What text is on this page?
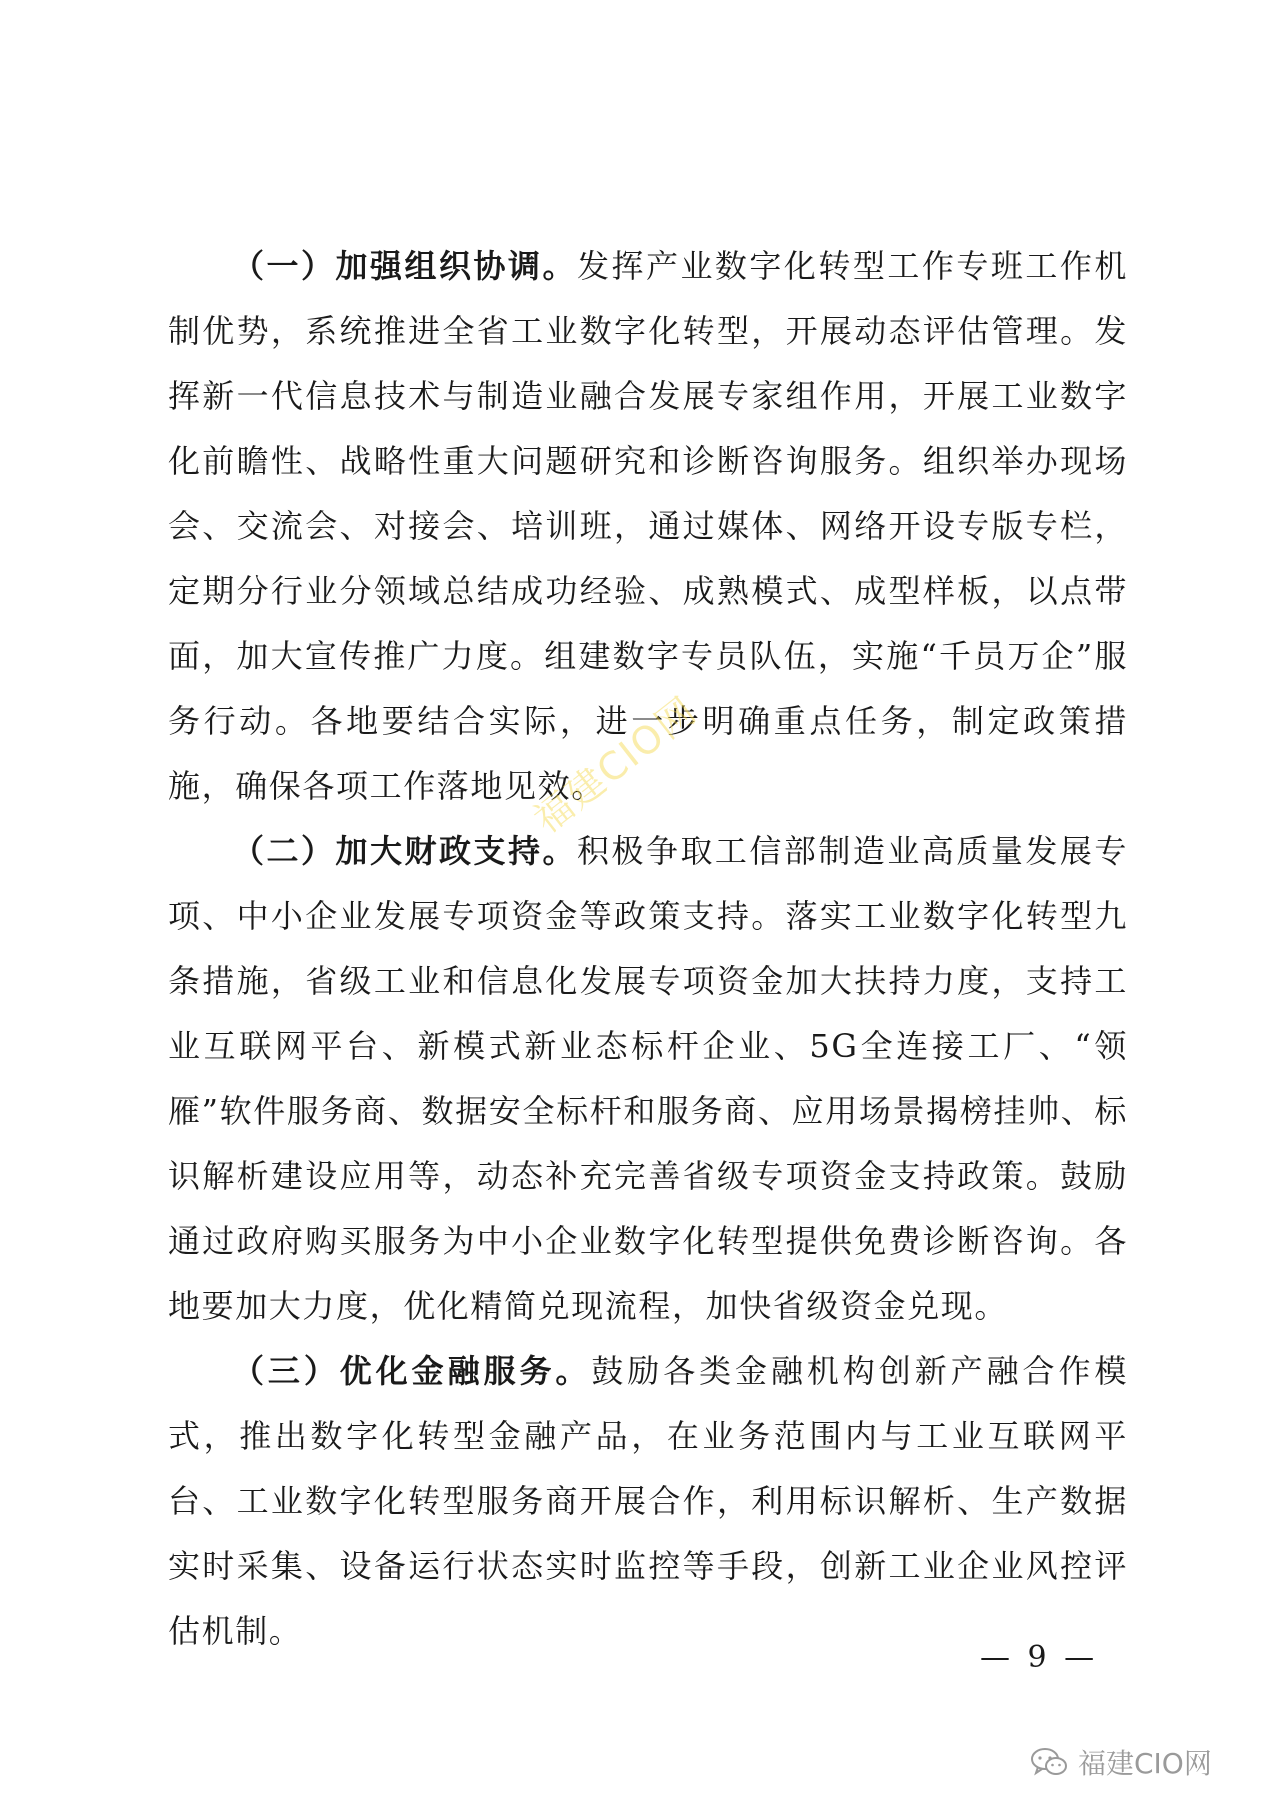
（一）加强组织协调。发挥产业数字化转型工作专班工作机制优势，系统推进全省工业数字化转型，开展动态评估管理。发挥新一代信息技术与制造业融合发展专家组作用，开展工业数字化前瞻性、战略性重大问题研究和诊断咨询服务。组织举办现场会、交流会、对接会、培训班，通过媒体、网络开设专版专栏，定期分行业分领域总结成功经验、成熟模式、成型样板，以点带面，加大宣传推广力度。组建数字专员队伍，实施“千员万企”服务行动。各地要结合实际，进一步明确重点任务，制定政策措施，确保各项工作落地见效。

（二）加大财政支持。积极争取工信部制造业高质量发展专项、中小企业发展专项资金等政策支持。落实工业数字化转型九条措施，省级工业和信息化发展专项资金加大扶持力度，支持工业互联网平台、新模式新业态标杆企业、5G全连接工厂、“领雁”软件服务商、数据安全标杆和服务商、应用场景揭榜挂帅、标识解析建设应用等，动态补充完善省级专项资金支持政策。鼓励通过政府购买服务为中小企业数字化转型提供免费诊断咨询。各地要加大力度，优化精简兑现流程，加快省级资金兑现。

（三）优化金融服务。鼓励各类金融机构创新产融合作模式，推出数字化转型金融产品，在业务范围内与工业互联网平台、工业数字化转型服务商开展合作，利用标识解析、生产数据实时采集、设备运行状态实时监控等手段，创新工业企业风控评估机制。

福建CIO网
— 9 —
福建CIO网
